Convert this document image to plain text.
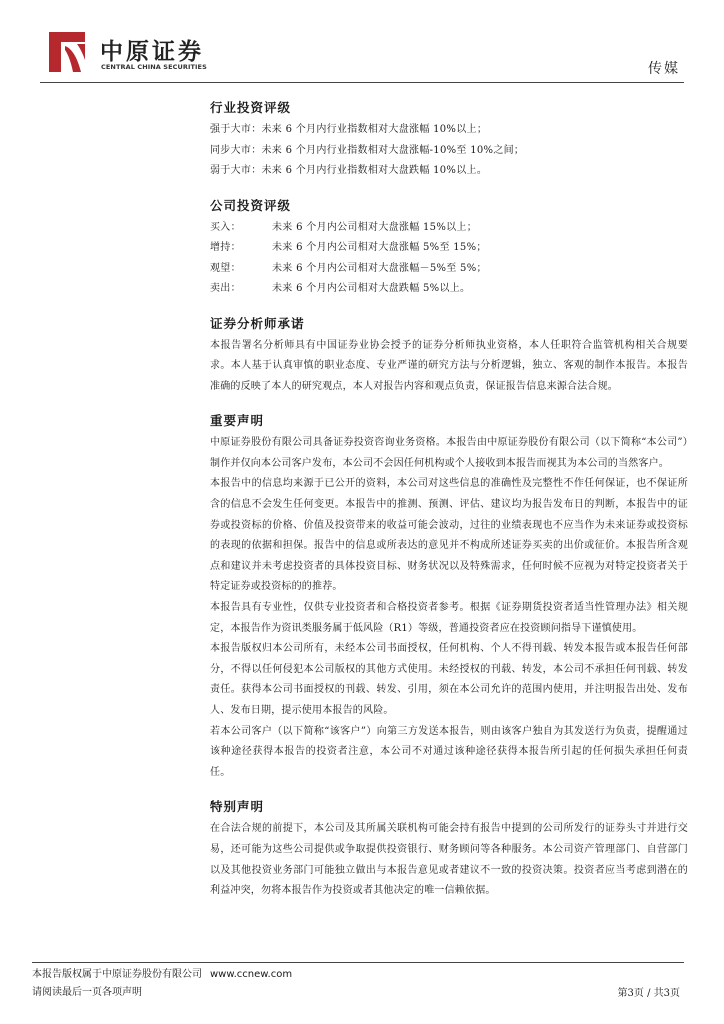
中原证券
CENTRAL CHINA SECURITIES	传媒
行业投资评级
强于大市：未来 6 个月内行业指数相对大盘涨幅 10%以上；
同步大市：未来 6 个月内行业指数相对大盘涨幅-10%至 10%之间；
弱于大市：未来 6 个月内行业指数相对大盘跌幅 10%以上。
公司投资评级
买入：	未来 6 个月内公司相对大盘涨幅 15%以上；
增持：	未来 6 个月内公司相对大盘涨幅 5%至 15%；
观望：	未来 6 个月内公司相对大盘涨幅－5%至 5%；
卖出：	未来 6 个月内公司相对大盘跌幅 5%以上。
证券分析师承诺

本报告署名分析师具有中国证券业协会授予的证券分析师执业资格，本人任职符合监管机构相关合规要求。本人基于认真审慎的职业态度、专业严谨的研究方法与分析逻辑，独立、客观的制作本报告。本报告准确的反映了本人的研究观点，本人对报告内容和观点负责，保证报告信息来源合法合规。

重要声明

中原证券股份有限公司具备证券投资咨询业务资格。本报告由中原证券股份有限公司（以下简称“本公司”）制作并仅向本公司客户发布，本公司不会因任何机构或个人接收到本报告而视其为本公司的当然客户。

本报告中的信息均来源于已公开的资料，本公司对这些信息的准确性及完整性不作任何保证，也不保证所含的信息不会发生任何变更。本报告中的推测、预测、评估、建议均为报告发布日的判断，本报告中的证券或投资标的价格、价值及投资带来的收益可能会波动，过往的业绩表现也不应当作为未来证券或投资标的表现的依据和担保。报告中的信息或所表达的意见并不构成所述证券买卖的出价或征价。本报告所含观点和建议并未考虑投资者的具体投资目标、财务状况以及特殊需求，任何时候不应视为对特定投资者关于特定证券或投资标的的推荐。

本报告具有专业性，仅供专业投资者和合格投资者参考。根据《证券期货投资者适当性管理办法》相关规定，本报告作为资讯类服务属于低风险（R1）等级，普通投资者应在投资顾问指导下谨慎使用。

本报告版权归本公司所有，未经本公司书面授权，任何机构、个人不得刊载、转发本报告或本报告任何部分，不得以任何侵犯本公司版权的其他方式使用。未经授权的刊载、转发，本公司不承担任何刊载、转发责任。获得本公司书面授权的刊载、转发、引用，须在本公司允许的范围内使用，并注明报告出处、发布人、发布日期，提示使用本报告的风险。

若本公司客户（以下简称“该客户”）向第三方发送本报告，则由该客户独自为其发送行为负责，提醒通过该种途径获得本报告的投资者注意，本公司不对通过该种途径获得本报告所引起的任何损失承担任何责任。

特别声明

在合法合规的前提下，本公司及其所属关联机构可能会持有报告中提到的公司所发行的证券头寸并进行交易，还可能为这些公司提供或争取提供投资银行、财务顾问等各种服务。本公司资产管理部门、自营部门以及其他投资业务部门可能独立做出与本报告意见或者建议不一致的投资决策。投资者应当考虑到潜在的利益冲突，勿将本报告作为投资或者其他决定的唯一信赖依据。

本报告版权属于中原证券股份有限公司 www.ccnew.com
请阅读最后一页各项声明	第3页 / 共3页
